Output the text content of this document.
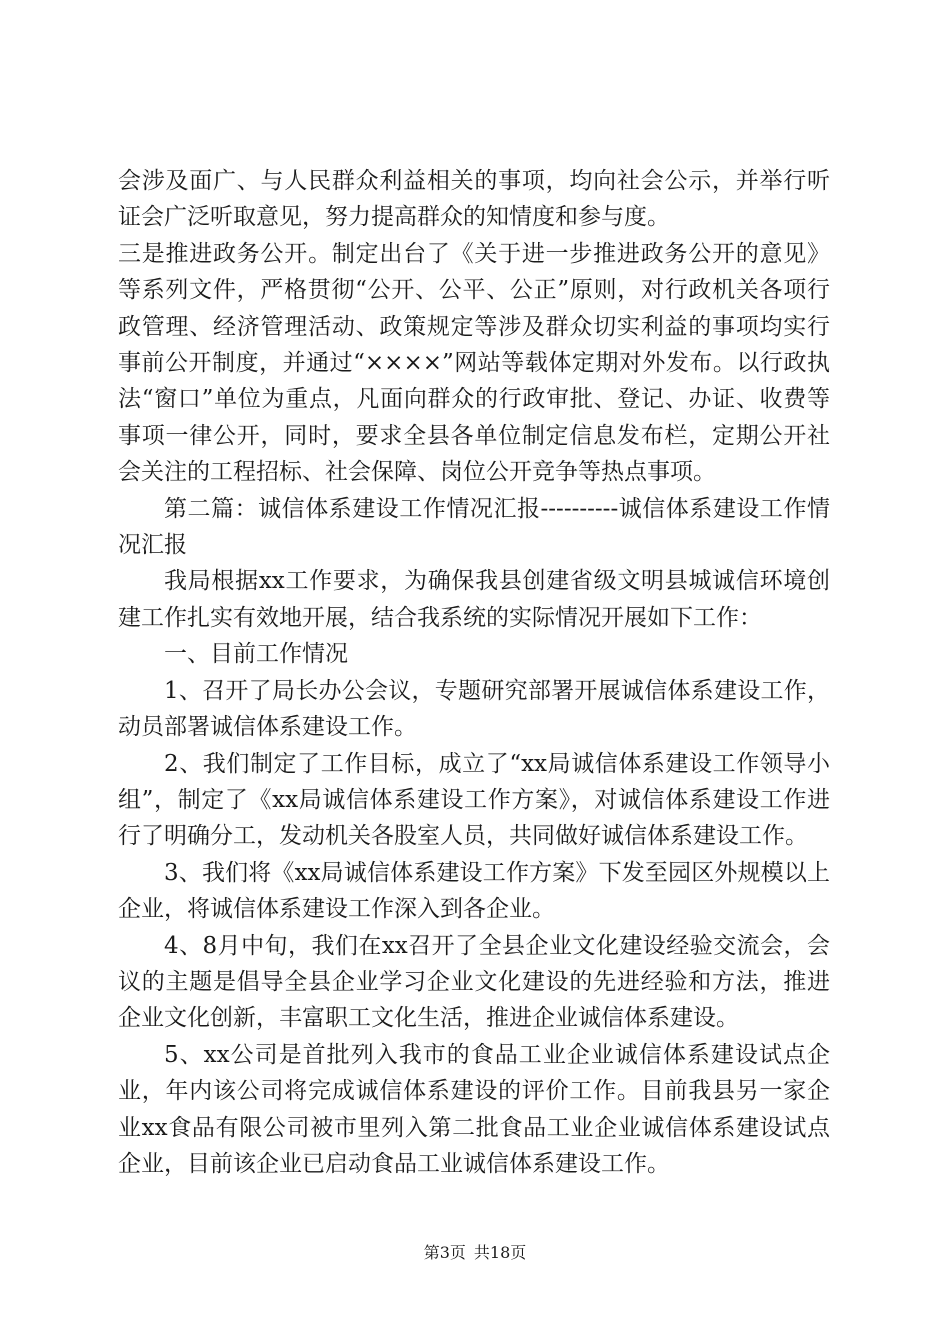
会涉及面广、与人民群众利益相关的事项，均向社会公示，并举行听证会广泛听取意见，努力提高群众的知情度和参与度。

三是推进政务公开。制定出台了《关于进一步推进政务公开的意见》等系列文件，严格贯彻“公开、公平、公正”原则，对行政机关各项行政管理、经济管理活动、政策规定等涉及群众切实利益的事项均实行事前公开制度，并通过“××××”网站等载体定期对外发布。以行政执法“窗口”单位为重点，凡面向群众的行政审批、登记、办证、收费等事项一律公开，同时，要求全县各单位制定信息发布栏，定期公开社会关注的工程招标、社会保障、岗位公开竞争等热点事项。

第二篇：诚信体系建设工作情况汇报----------诚信体系建设工作情况汇报

我局根据xx工作要求，为确保我县创建省级文明县城诚信环境创建工作扎实有效地开展，结合我系统的实际情况开展如下工作：

一、目前工作情况

1、召开了局长办公会议，专题研究部署开展诚信体系建设工作，动员部署诚信体系建设工作。

2、我们制定了工作目标，成立了“xx局诚信体系建设工作领导小组”，制定了《xx局诚信体系建设工作方案》，对诚信体系建设工作进行了明确分工，发动机关各股室人员，共同做好诚信体系建设工作。

3、我们将《xx局诚信体系建设工作方案》下发至园区外规模以上企业，将诚信体系建设工作深入到各企业。

4、8月中旬，我们在xx召开了全县企业文化建设经验交流会，会议的主题是倡导全县企业学习企业文化建设的先进经验和方法，推进企业文化创新，丰富职工文化生活，推进企业诚信体系建设。

5、xx公司是首批列入我市的食品工业企业诚信体系建设试点企业，年内该公司将完成诚信体系建设的评价工作。目前我县另一家企业xx食品有限公司被市里列入第二批食品工业企业诚信体系建设试点企业，目前该企业已启动食品工业诚信体系建设工作。

第3页 共18页
